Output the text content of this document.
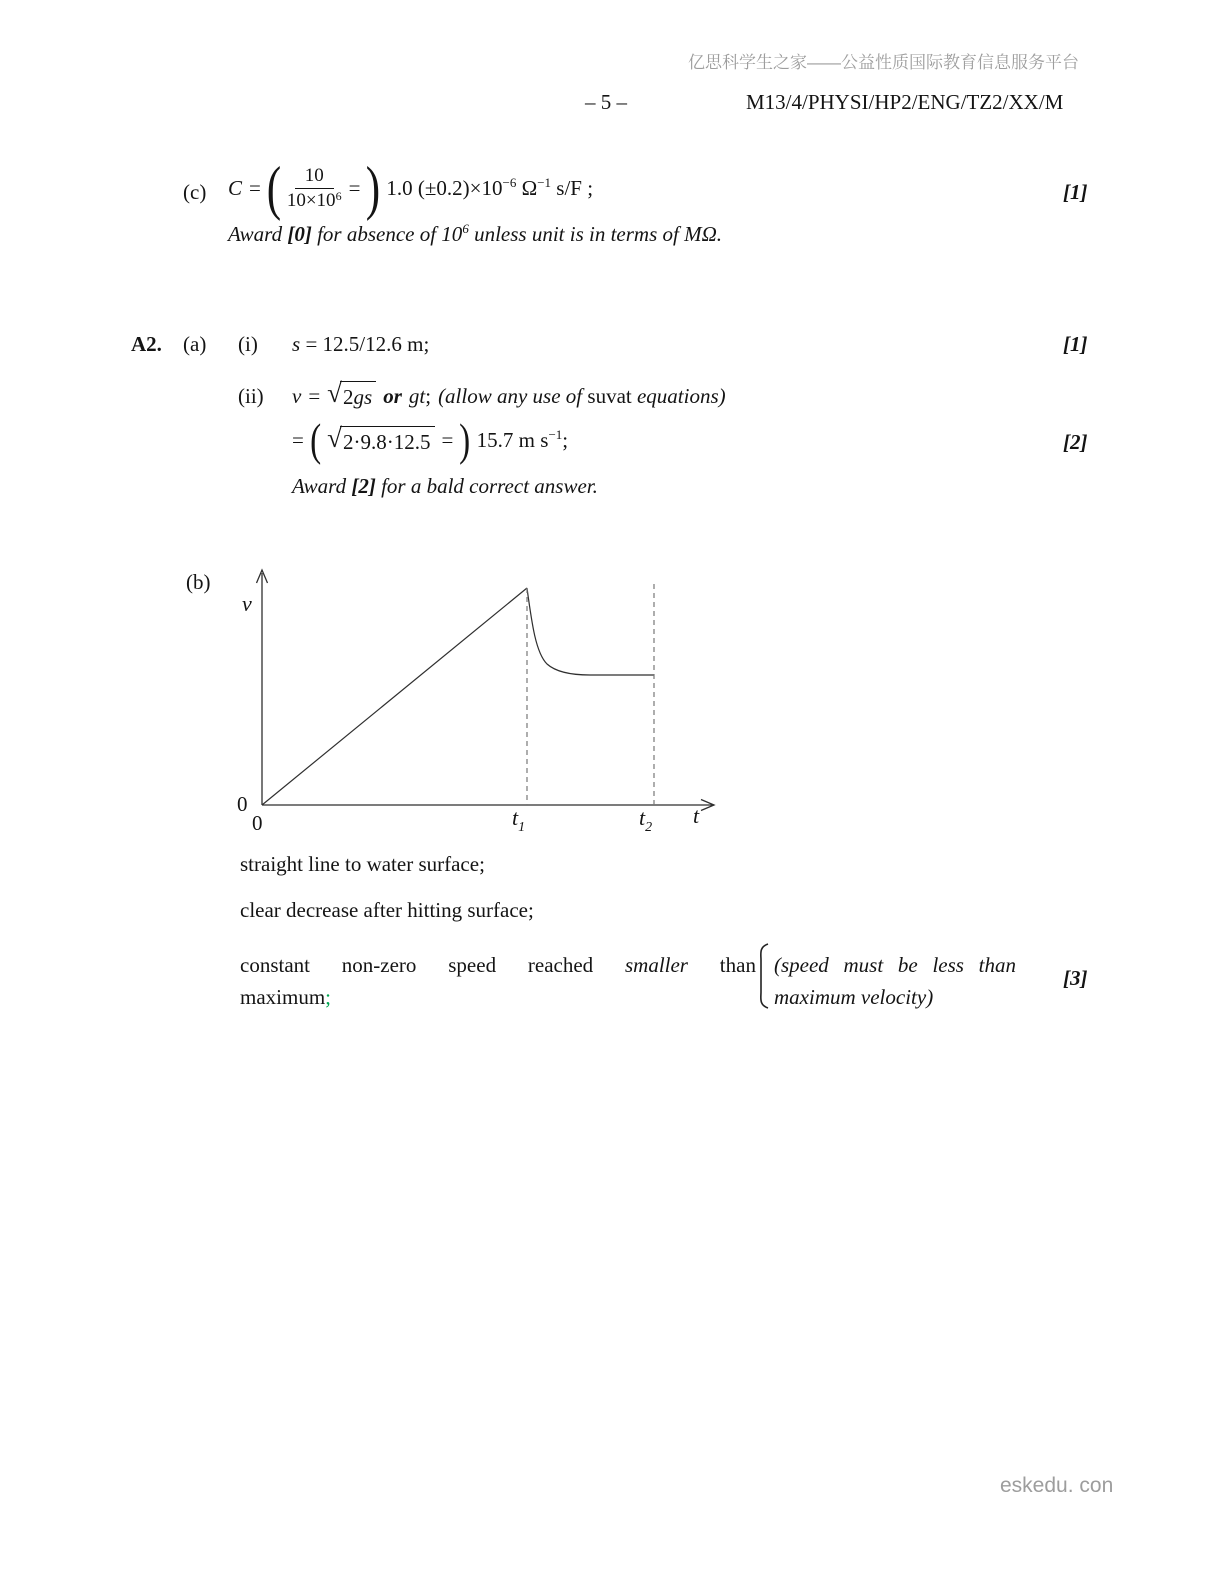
亿思科学生之家——公益性质国际教育信息服务平台
– 5 –	M13/4/PHYSI/HP2/ENG/TZ2/XX/M
(c) C = ( $\frac{10}{10\times 10^6}$ = ) 1.0 $(\pm 0.2)\times 10^{-6}$ $\Omega^{-1}$ s/F ;	[1]
Award [0] for absence of $10^6$ unless unit is in terms of MΩ.
A2. (a) (i) s = 12.5/12.6 m;	[1]
(ii) v = √ 2gs or gt; (allow any use of suvat equations)
= ( √ 2·9.8·12.5 = ) 15.7 m $s^{-1}$;	[2]
Award [2] for a bald correct answer.
(b)
v
0
0	$t_1$	$t_2$ t
straight line to water surface;
clear decrease after hitting surface;
constant non-zero speed reached smaller than
maximum;
(speed must be less than
maximum velocity)
[3]
eskedu. con
